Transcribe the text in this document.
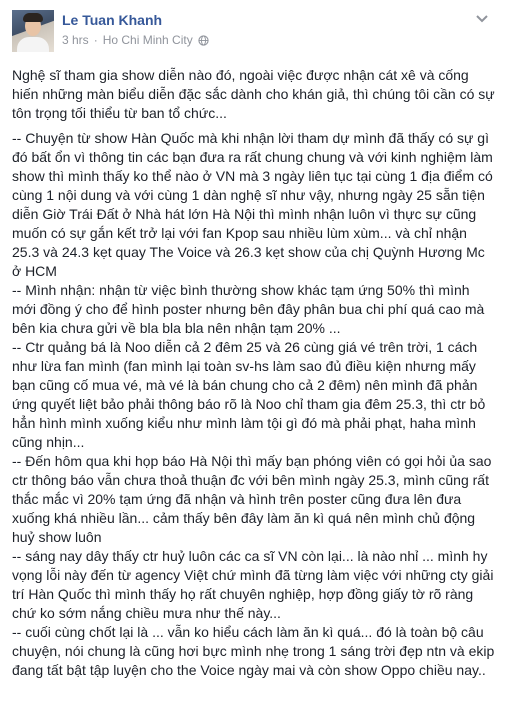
Le Tuan Khanh
3 hrs · Ho Chi Minh City

Nghệ sĩ tham gia show diễn nào đó, ngoài việc được nhận cát xê và cống hiến những màn biểu diễn đặc sắc dành cho khán giả, thì chúng tôi cần có sự tôn trọng tối thiểu từ ban tổ chức...

-- Chuyện từ show Hàn Quốc mà khi nhận lời tham dự mình đã thấy có sự gì đó bất ổn vì thông tin các bạn đưa ra rất chung chung và với kinh nghiệm làm show thì mình thấy ko thể nào ở VN mà 3 ngày liên tục tại cùng 1 địa điểm có cùng 1 nội dung và với cùng 1 dàn nghệ sĩ như vậy, nhưng ngày 25 sẵn tiện diễn Giờ Trái Đất ở Nhà hát lớn Hà Nội thì mình nhận luôn vì thực sự cũng muốn có sự gắn kết trở lại với fan Kpop sau nhiều lùm xùm... và chỉ nhận 25.3 và 24.3 kẹt quay The Voice và 26.3 kẹt show của chị Quỳnh Hương Mc ở HCM
-- Mình nhận: nhận từ việc bình thường show khác tạm ứng 50% thì mình mới đồng ý cho để hình poster nhưng bên đây phân bua chi phí quá cao mà bên kia chưa gửi về bla bla bla nên nhận tạm 20% ...
-- Ctr quảng bá là Noo diễn cả 2 đêm 25 và 26 cùng giá vé trên trời, 1 cách như lừa fan mình (fan mình lại toàn sv-hs làm sao đủ điều kiện nhưng mấy bạn cũng cố mua vé, mà vé là bán chung cho cả 2 đêm) nên mình đã phản ứng quyết liệt bảo phải thông báo rõ là Noo chỉ tham gia đêm 25.3, thì ctr bỏ hẳn hình mình xuống kiểu như mình làm tội gì đó mà phải phạt, haha mình cũng nhịn...
-- Đến hôm qua khi họp báo Hà Nội thì mấy bạn phóng viên có gọi hỏi ủa sao ctr thông báo vẫn chưa thoả thuận đc với bên mình ngày 25.3, mình cũng rất thắc mắc vì 20% tạm ứng đã nhận và hình trên poster cũng đưa lên đưa xuống khá nhiều lần... cảm thấy bên đây làm ăn kì quá nên mình chủ động huỷ show luôn
-- sáng nay dây thấy ctr huỷ luôn các ca sĩ VN còn lại... là nào nhỉ ... mình hy vọng lỗi này đến từ agency Việt chứ mình đã từng làm việc với những cty giải trí Hàn Quốc thì mình thấy họ rất chuyên nghiệp, hợp đồng giấy tờ rõ ràng chứ ko sớm nắng chiều mưa như thế này...
-- cuối cùng chốt lại là ... vẫn ko hiểu cách làm ăn kì quá... đó là toàn bộ câu chuyện, nói chung là cũng hơi bực mình nhẹ trong 1 sáng trời đẹp ntn và ekip đang tất bật tập luyện cho the Voice ngày mai và còn show Oppo chiều nay..
